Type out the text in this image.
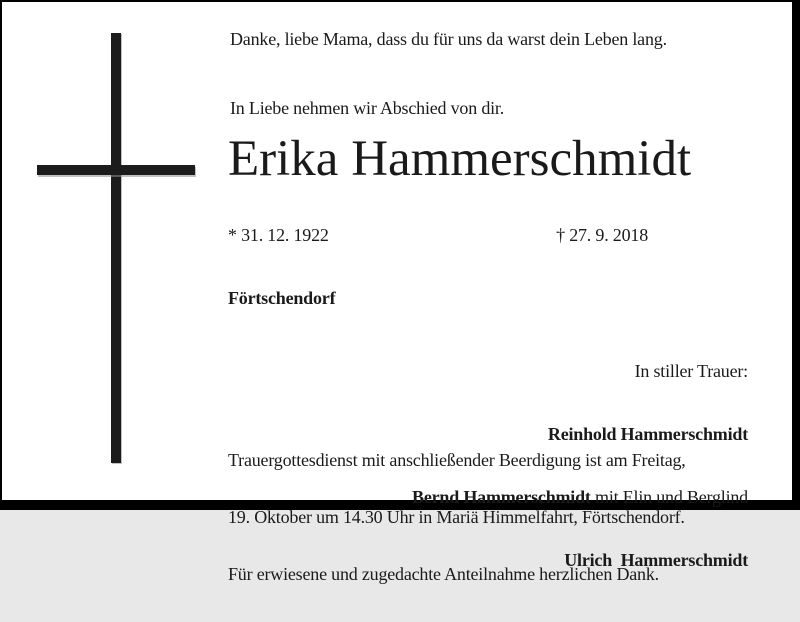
Danke, liebe Mama, dass du für uns da warst dein Leben lang.
In Liebe nehmen wir Abschied von dir.
Erika Hammerschmidt
* 31. 12. 1922	† 27. 9. 2018
Förtschendorf

In stiller Trauer:

Reinhold Hammerschmidt

Bernd Hammerschmidt mit Elin und Berglind

Ulrich  Hammerschmidt

Trauergottesdienst mit anschließender Beerdigung ist am Freitag,

19. Oktober um 14.30 Uhr in Mariä Himmelfahrt, Förtschendorf.

Für erwiesene und zugedachte Anteilnahme herzlichen Dank.
